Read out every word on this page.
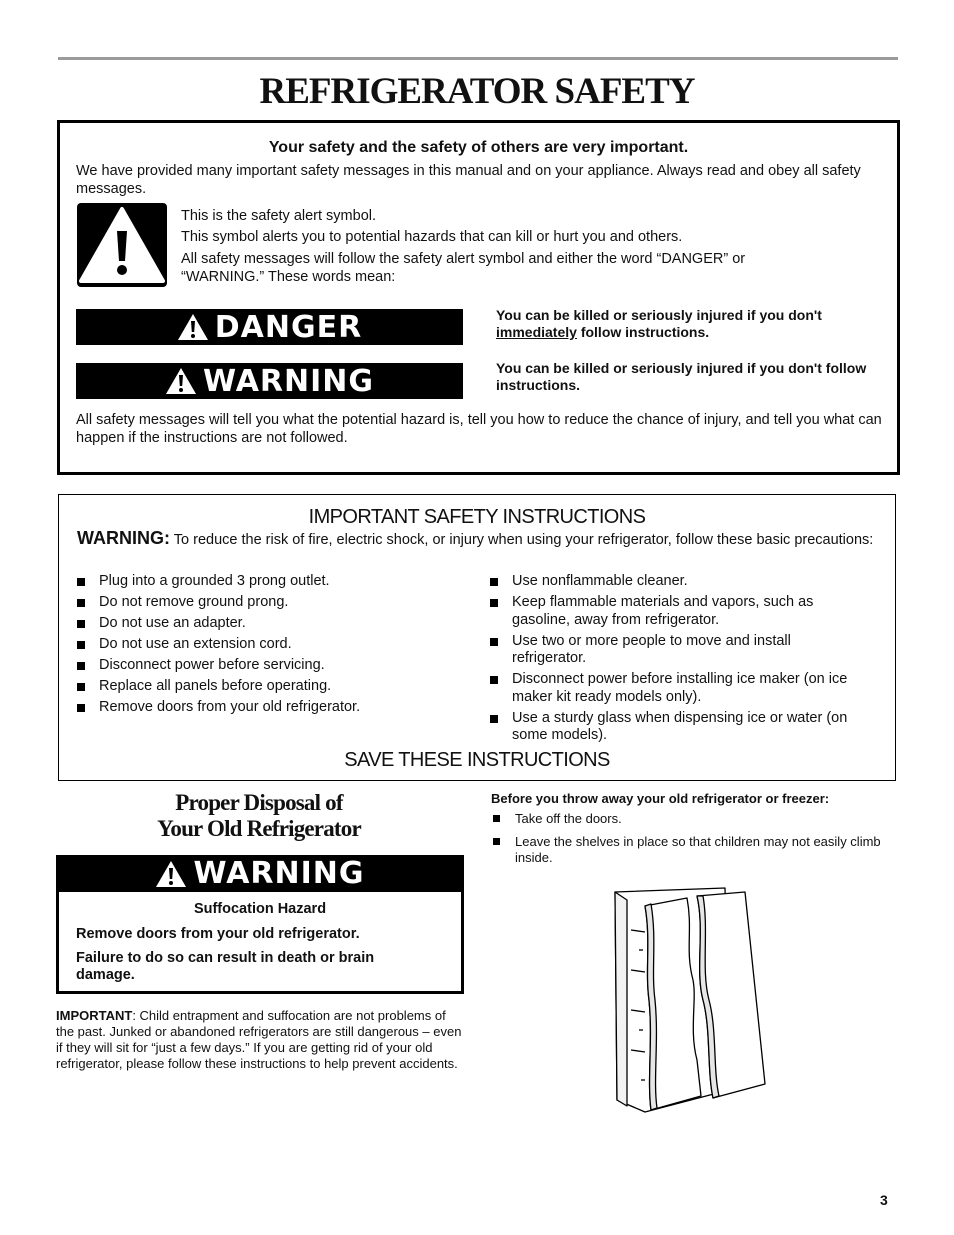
REFRIGERATOR SAFETY
Your safety and the safety of others are very important.
We have provided many important safety messages in this manual and on your appliance. Always read and obey all safety messages.
This is the safety alert symbol.
This symbol alerts you to potential hazards that can kill or hurt you and others.
All safety messages will follow the safety alert symbol and either the word “DANGER” or “WARNING.” These words mean:
DANGER	You can be killed or seriously injured if you don't immediately follow instructions.
WARNING	You can be killed or seriously injured if you don't follow instructions.
All safety messages will tell you what the potential hazard is, tell you how to reduce the chance of injury, and tell you what can happen if the instructions are not followed.
IMPORTANT SAFETY INSTRUCTIONS
WARNING: To reduce the risk of fire, electric shock, or injury when using your refrigerator, follow these basic precautions:
Plug into a grounded 3 prong outlet.
Do not remove ground prong.
Do not use an adapter.
Do not use an extension cord.
Disconnect power before servicing.
Replace all panels before operating.
Remove doors from your old refrigerator.
Use nonflammable cleaner.
Keep flammable materials and vapors, such as gasoline, away from refrigerator.
Use two or more people to move and install refrigerator.
Disconnect power before installing ice maker (on ice maker kit ready models only).
Use a sturdy glass when dispensing ice or water (on some models).
SAVE THESE INSTRUCTIONS
Proper Disposal of
Your Old Refrigerator
WARNING
Suffocation Hazard
Remove doors from your old refrigerator.
Failure to do so can result in death or brain damage.
IMPORTANT: Child entrapment and suffocation are not problems of the past. Junked or abandoned refrigerators are still dangerous – even if they will sit for “just a few days.” If you are getting rid of your old refrigerator, please follow these instructions to help prevent accidents.
Before you throw away your old refrigerator or freezer:
Take off the doors.
Leave the shelves in place so that children may not easily climb inside.
3
